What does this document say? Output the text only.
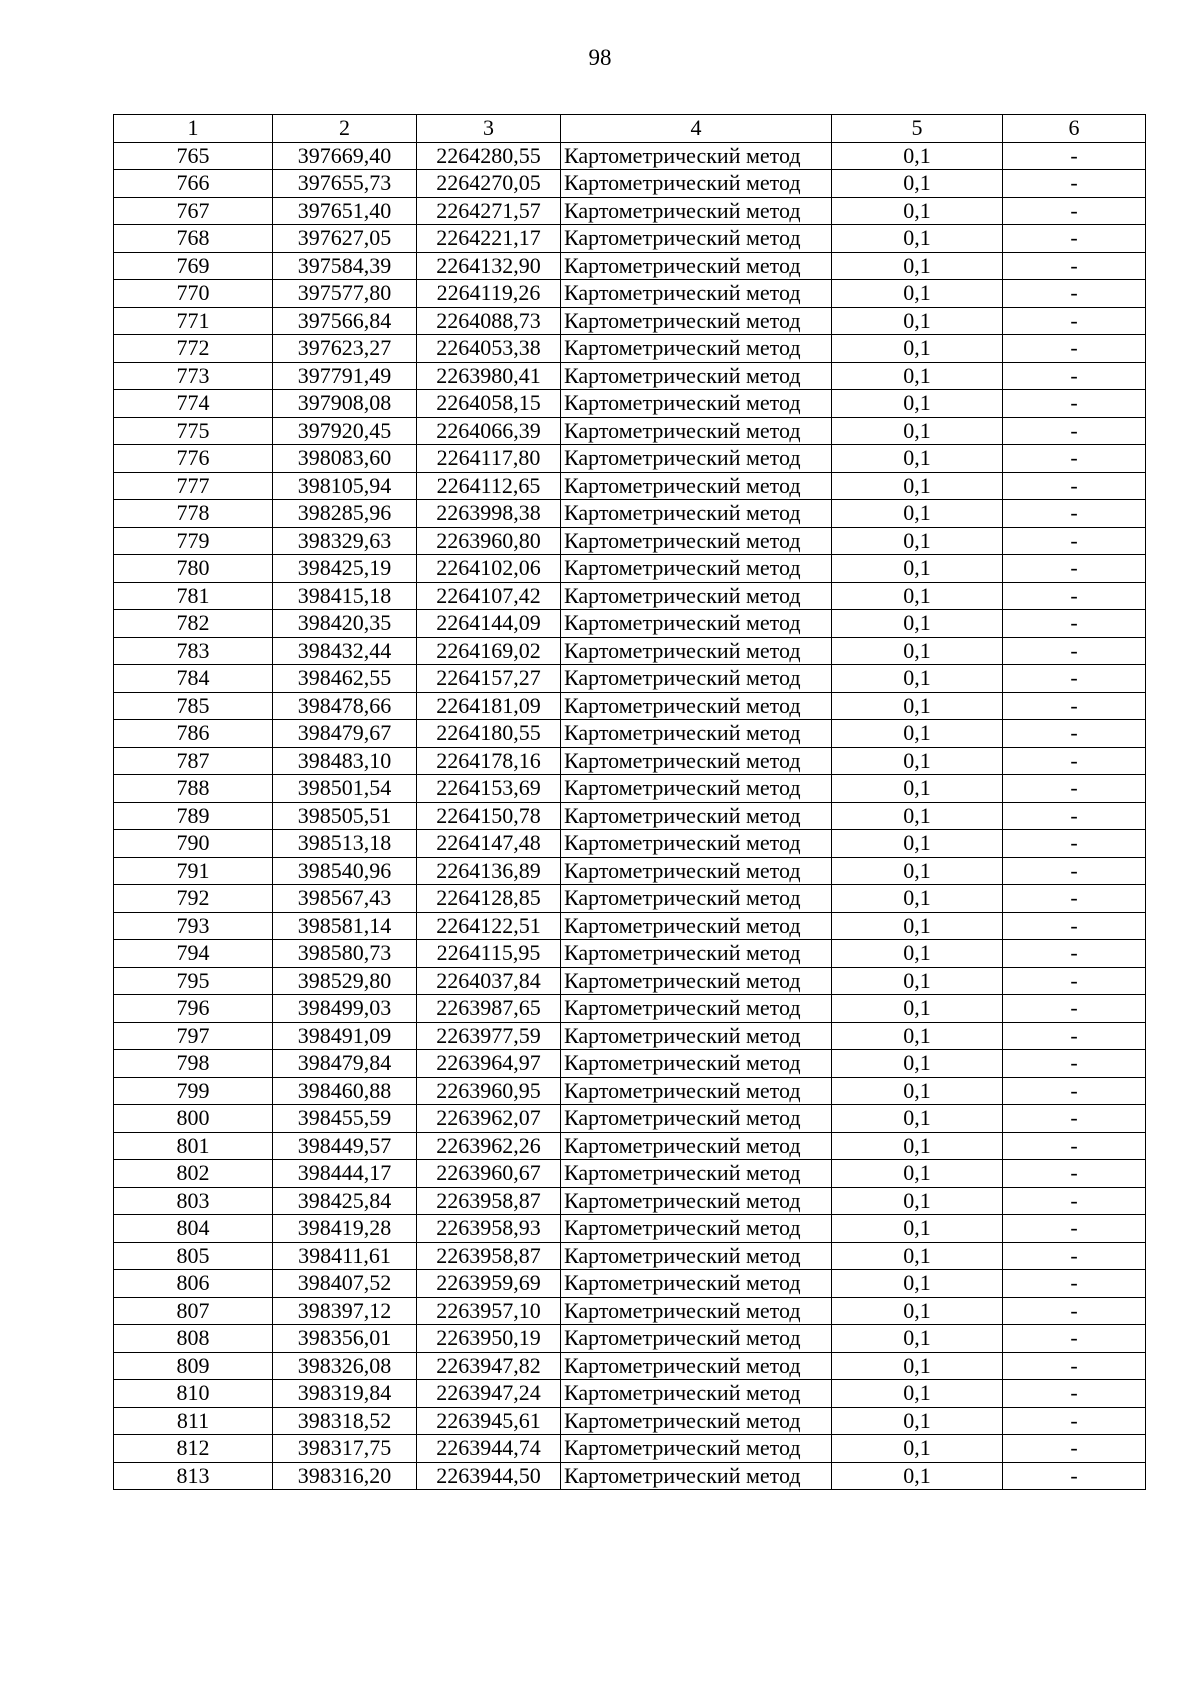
98
1	2	3	4	5	6
765	397669,40	2264280,55	Картометрический метод	0,1	-
766	397655,73	2264270,05	Картометрический метод	0,1	-
767	397651,40	2264271,57	Картометрический метод	0,1	-
768	397627,05	2264221,17	Картометрический метод	0,1	-
769	397584,39	2264132,90	Картометрический метод	0,1	-
770	397577,80	2264119,26	Картометрический метод	0,1	-
771	397566,84	2264088,73	Картометрический метод	0,1	-
772	397623,27	2264053,38	Картометрический метод	0,1	-
773	397791,49	2263980,41	Картометрический метод	0,1	-
774	397908,08	2264058,15	Картометрический метод	0,1	-
775	397920,45	2264066,39	Картометрический метод	0,1	-
776	398083,60	2264117,80	Картометрический метод	0,1	-
777	398105,94	2264112,65	Картометрический метод	0,1	-
778	398285,96	2263998,38	Картометрический метод	0,1	-
779	398329,63	2263960,80	Картометрический метод	0,1	-
780	398425,19	2264102,06	Картометрический метод	0,1	-
781	398415,18	2264107,42	Картометрический метод	0,1	-
782	398420,35	2264144,09	Картометрический метод	0,1	-
783	398432,44	2264169,02	Картометрический метод	0,1	-
784	398462,55	2264157,27	Картометрический метод	0,1	-
785	398478,66	2264181,09	Картометрический метод	0,1	-
786	398479,67	2264180,55	Картометрический метод	0,1	-
787	398483,10	2264178,16	Картометрический метод	0,1	-
788	398501,54	2264153,69	Картометрический метод	0,1	-
789	398505,51	2264150,78	Картометрический метод	0,1	-
790	398513,18	2264147,48	Картометрический метод	0,1	-
791	398540,96	2264136,89	Картометрический метод	0,1	-
792	398567,43	2264128,85	Картометрический метод	0,1	-
793	398581,14	2264122,51	Картометрический метод	0,1	-
794	398580,73	2264115,95	Картометрический метод	0,1	-
795	398529,80	2264037,84	Картометрический метод	0,1	-
796	398499,03	2263987,65	Картометрический метод	0,1	-
797	398491,09	2263977,59	Картометрический метод	0,1	-
798	398479,84	2263964,97	Картометрический метод	0,1	-
799	398460,88	2263960,95	Картометрический метод	0,1	-
800	398455,59	2263962,07	Картометрический метод	0,1	-
801	398449,57	2263962,26	Картометрический метод	0,1	-
802	398444,17	2263960,67	Картометрический метод	0,1	-
803	398425,84	2263958,87	Картометрический метод	0,1	-
804	398419,28	2263958,93	Картометрический метод	0,1	-
805	398411,61	2263958,87	Картометрический метод	0,1	-
806	398407,52	2263959,69	Картометрический метод	0,1	-
807	398397,12	2263957,10	Картометрический метод	0,1	-
808	398356,01	2263950,19	Картометрический метод	0,1	-
809	398326,08	2263947,82	Картометрический метод	0,1	-
810	398319,84	2263947,24	Картометрический метод	0,1	-
811	398318,52	2263945,61	Картометрический метод	0,1	-
812	398317,75	2263944,74	Картометрический метод	0,1	-
813	398316,20	2263944,50	Картометрический метод	0,1	-
